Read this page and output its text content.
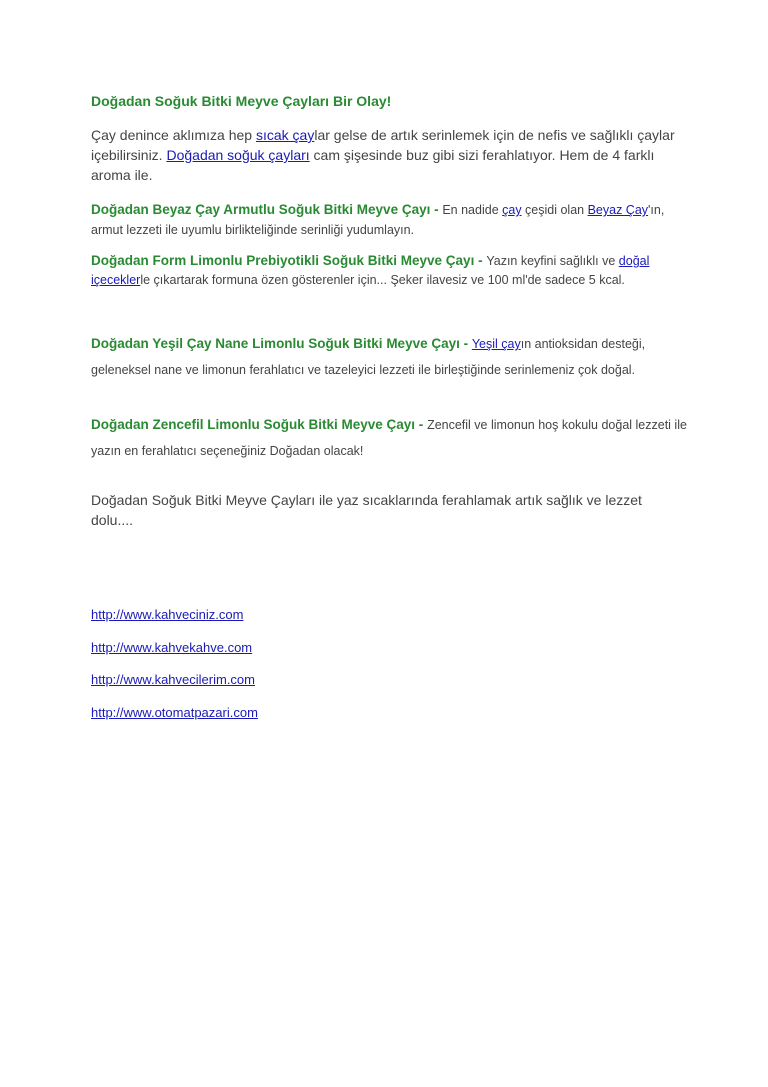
Doğadan Soğuk Bitki Meyve Çayları Bir Olay!
Çay denince aklımıza hep sıcak çaylar gelse de artık serinlemek için de nefis ve sağlıklı çaylar içebilirsiniz. Doğadan soğuk çayları cam şişesinde buz gibi sizi ferahlatıyor. Hem de 4 farklı aroma ile.
Doğadan Beyaz Çay Armutlu Soğuk Bitki Meyve Çayı - En nadide çay çeşidi olan Beyaz Çay'ın, armut lezzeti ile uyumlu birlikteliğinde serinliği yudumlayın.
Doğadan Form Limonlu Prebiyotikli Soğuk Bitki Meyve Çayı - Yazın keyfini sağlıklı ve doğal içeceklerle çıkartarak formuna özen gösterenler için... Şeker ilavesiz ve 100 ml'de sadece 5 kcal.
Doğadan Yeşil Çay Nane Limonlu Soğuk Bitki Meyve Çayı - Yeşil çayın antioksidan desteği, geleneksel nane ve limonun ferahlatıcı ve tazeleyici lezzeti ile birleştiğinde serinlemeniz çok doğal.
Doğadan Zencefil Limonlu Soğuk Bitki Meyve Çayı - Zencefil ve limonun hoş kokulu doğal lezzeti ile yazın en ferahlatıcı seçeneğiniz Doğadan olacak!
Doğadan Soğuk Bitki Meyve Çayları ile yaz sıcaklarında ferahlamak artık sağlık ve lezzet dolu....
http://www.kahveciniz.com
http://www.kahvekahve.com
http://www.kahvecilerim.com
http://www.otomatpazari.com
